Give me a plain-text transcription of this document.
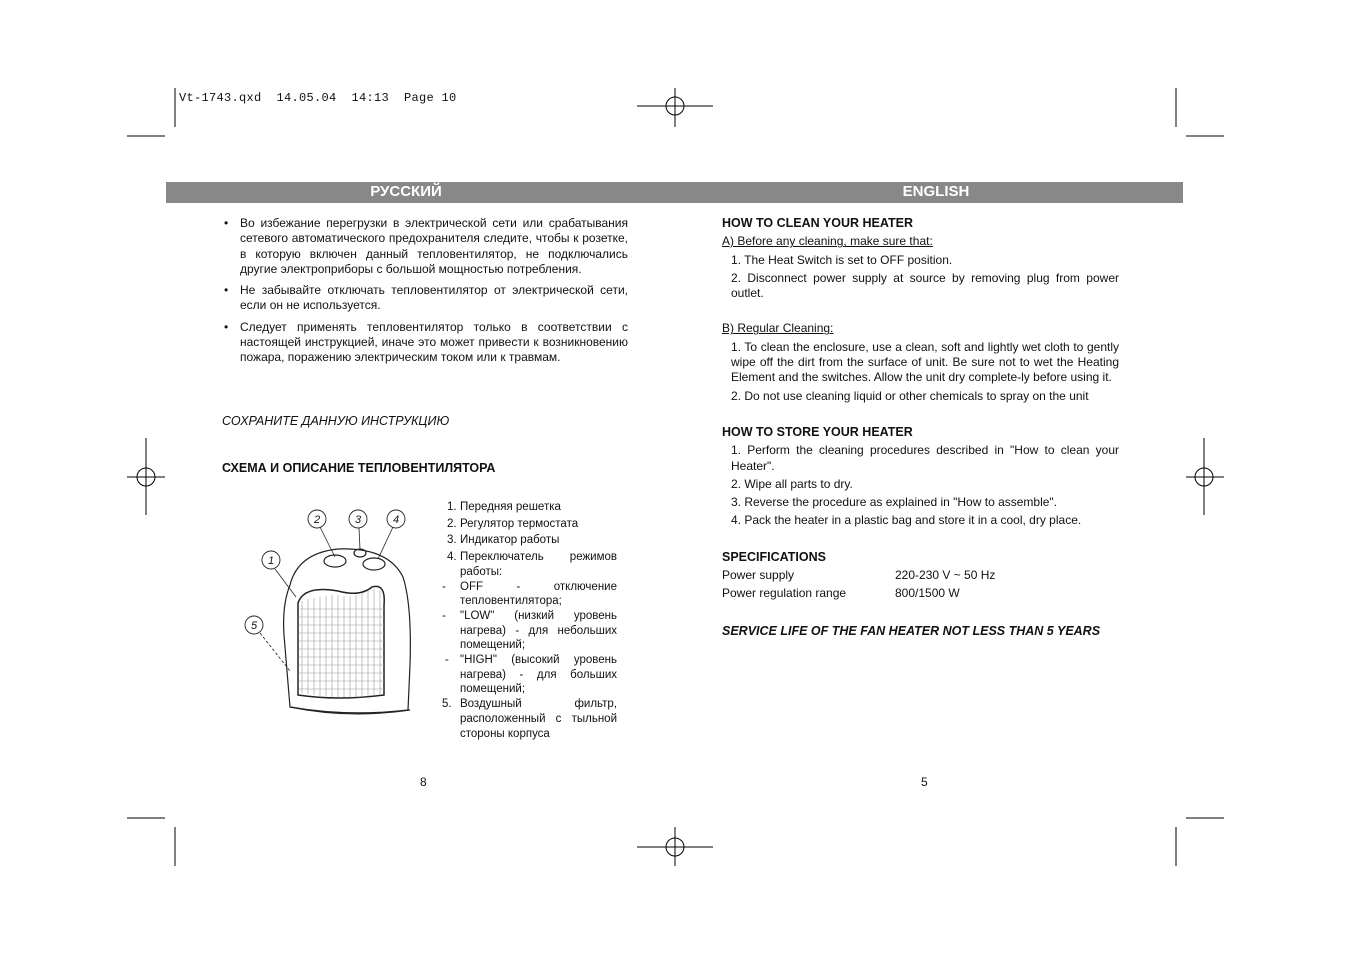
Vt-1743.qxd  14.05.04  14:13  Page 10
РУССКИЙ	ENGLISH
• Во избежание перегрузки в электрической сети или срабатывания сетевого автоматического предохранителя следите, чтобы к розетке, в которую включен данный тепловентилятор, не подключались другие электроприборы с большой мощностью потребления.
• Не забывайте отключать тепловентилятор от электрической сети, если он не используется.
• Следует применять тепловентилятор только в соответствии с настоящей инструкцией, иначе это может привести к возникновению пожара, поражению электрическим током или к травмам.
СОХРАНИТЕ ДАННУЮ ИНСТРУКЦИЮ
СХЕМА И ОПИСАНИЕ ТЕПЛОВЕНТИЛЯТОРА
2	3	4
1
5
1. Передняя решетка
2. Регулятор термостата
3. Индикатор работы
4. Переключатель режимов работы:
- OFF - отключение тепловентилятора;
- "LOW" (низкий уровень нагрева) - для небольших помещений;
- "HIGH" (высокий уровень нагрева) - для больших помещений;
5. Воздушный фильтр, расположенный с тыльной стороны корпуса
8
HOW TO CLEAN YOUR HEATER
A) Before any cleaning, make sure that:
1. The Heat Switch is set to OFF position.
2. Disconnect power supply at source by removing plug from power outlet.
B) Regular Cleaning:
1. To clean the enclosure, use a clean, soft and lightly wet cloth to gently wipe off the dirt from the surface of unit. Be sure not to wet the Heating Element and the switches. Allow the unit dry complete-ly before using it.
2. Do not use cleaning liquid or other chemicals to spray on the unit
HOW TO STORE YOUR HEATER
1. Perform the cleaning procedures described in "How to clean your Heater".
2. Wipe all parts to dry.
3. Reverse the procedure as explained in "How to assemble".
4. Pack the heater in a plastic bag and store it in a cool, dry place.
SPECIFICATIONS
Power supply	220-230 V ~ 50 Hz
Power regulation range	800/1500 W
SERVICE LIFE OF THE FAN HEATER NOT LESS THAN 5 YEARS
5
